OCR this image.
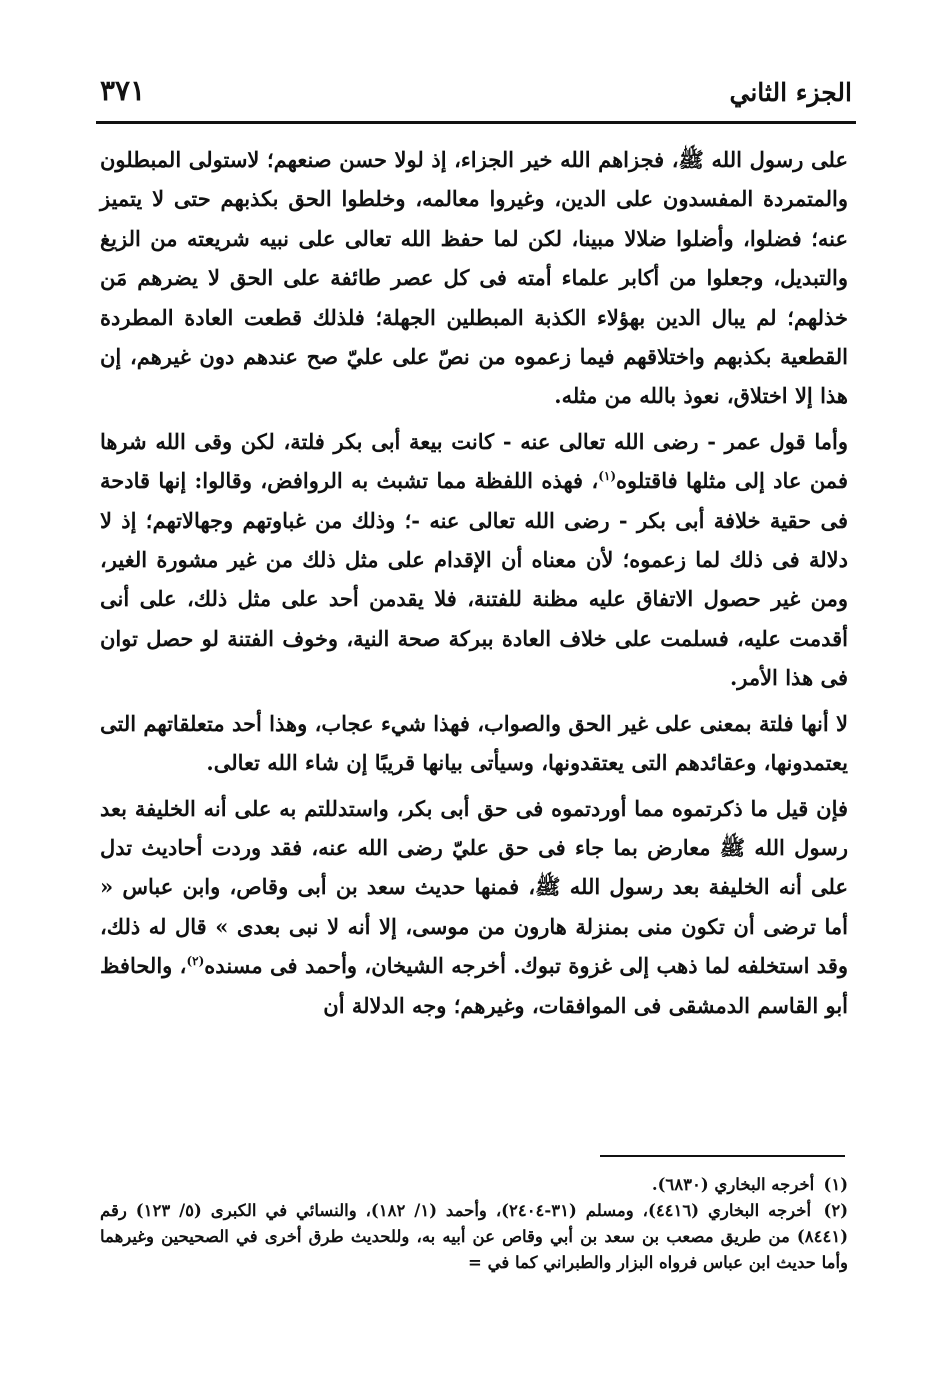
الجزء الثاني
٣٧١

على رسول الله ﷺ، فجزاهم الله خير الجزاء، إذ لولا حسن صنعهم؛ لاستولى المبطلون والمتمردة المفسدون على الدين، وغيروا معالمه، وخلطوا الحق بكذبهم حتى لا يتميز عنه؛ فضلوا، وأضلوا ضلالا مبينا، لكن لما حفظ الله تعالى على نبيه شريعته من الزيغ والتبديل، وجعلوا من أكابر علماء أمته فى كل عصر طائفة على الحق لا يضرهم مَن خذلهم؛ لم يبال الدين بهؤلاء الكذبة المبطلين الجهلة؛ فلذلك قطعت العادة المطردة القطعية بكذبهم واختلاقهم فيما زعموه من نصّ على عليّ صح عندهم دون غيرهم، إن هذا إلا اختلاق، نعوذ بالله من مثله.

وأما قول عمر - رضى الله تعالى عنه - كانت بيعة أبى بكر فلتة، لكن وقى الله شرها فمن عاد إلى مثلها فاقتلوه$^{(١)}$، فهذه اللفظة مما تشبث به الروافض، وقالوا: إنها قادحة فى حقية خلافة أبى بكر - رضى الله تعالى عنه -؛ وذلك من غباوتهم وجهالاتهم؛ إذ لا دلالة فى ذلك لما زعموه؛ لأن معناه أن الإقدام على مثل ذلك من غير مشورة الغير، ومن غير حصول الاتفاق عليه مظنة للفتنة، فلا يقدمن أحد على مثل ذلك، على أنى أقدمت عليه، فسلمت على خلاف العادة ببركة صحة النية، وخوف الفتنة لو حصل توان فى هذا الأمر.

لا أنها فلتة بمعنى على غير الحق والصواب، فهذا شيء عجاب، وهذا أحد متعلقاتهم التى يعتمدونها، وعقائدهم التى يعتقدونها، وسيأتى بيانها قريبًا إن شاء الله تعالى.

فإن قيل ما ذكرتموه مما أوردتموه فى حق أبى بكر، واستدللتم به على أنه الخليفة بعد رسول الله ﷺ معارض بما جاء فى حق عليّ رضى الله عنه، فقد وردت أحاديث تدل على أنه الخليفة بعد رسول الله ﷺ، فمنها حديث سعد بن أبى وقاص، وابن عباس « أما ترضى أن تكون منى بمنزلة هارون من موسى، إلا أنه لا نبى بعدى » قال له ذلك، وقد استخلفه لما ذهب إلى غزوة تبوك. أخرجه الشيخان، وأحمد فى مسنده$^{(٢)}$، والحافظ أبو القاسم الدمشقى فى الموافقات، وغيرهم؛ وجه الدلالة أن

(١) أخرجه البخاري (٦٨٣٠).
(٢) أخرجه البخاري (٤٤١٦)، ومسلم (٣١-٢٤٠٤)، وأحمد (١/ ١٨٢)، والنسائي في الكبرى (٥/ ١٢٣) رقم (٨٤٤١) من طريق مصعب بن سعد بن أبي وقاص عن أبيه به، وللحديث طرق أخرى في الصحيحين وغيرهما وأما حديث ابن عباس فرواه البزار والطبراني كما في =
